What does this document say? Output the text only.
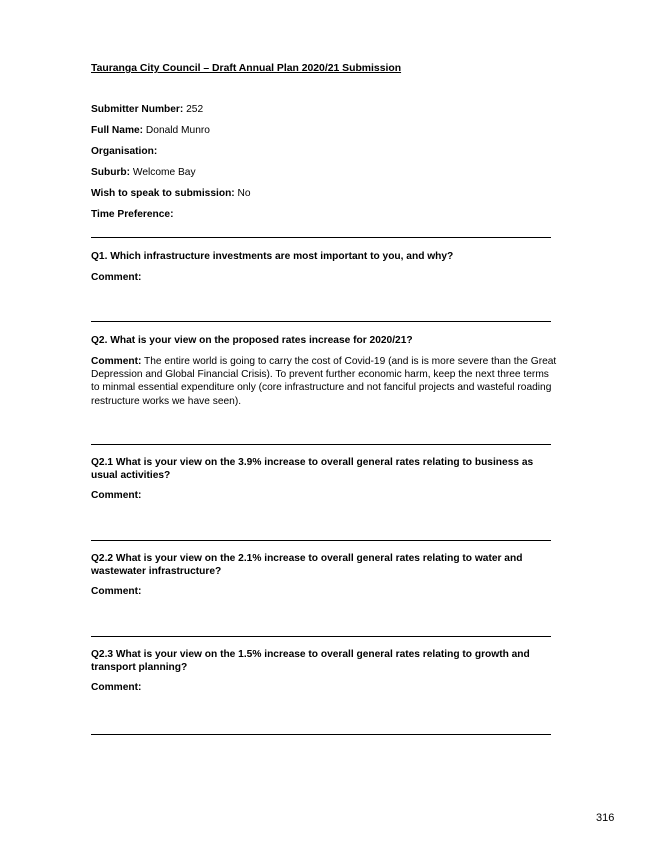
Tauranga City Council – Draft Annual Plan 2020/21 Submission
Submitter Number: 252
Full Name: Donald Munro
Organisation:
Suburb: Welcome Bay
Wish to speak to submission: No
Time Preference:
Q1. Which infrastructure investments are most important to you, and why?
Comment:
Q2. What is your view on the proposed rates increase for 2020/21?
Comment: The entire world is going to carry the cost of Covid-19 (and is is more severe than the Great Depression and Global Financial Crisis). To prevent further economic harm, keep the next three terms to minmal essential expenditure only (core infrastructure and not fanciful projects and wasteful roading restructure works we have seen).
Q2.1 What is your view on the 3.9% increase to overall general rates relating to business as usual activities?
Comment:
Q2.2 What is your view on the 2.1% increase to overall general rates relating to water and wastewater infrastructure?
Comment:
Q2.3 What is your view on the 1.5% increase to overall general rates relating to growth and transport planning?
Comment:
316
